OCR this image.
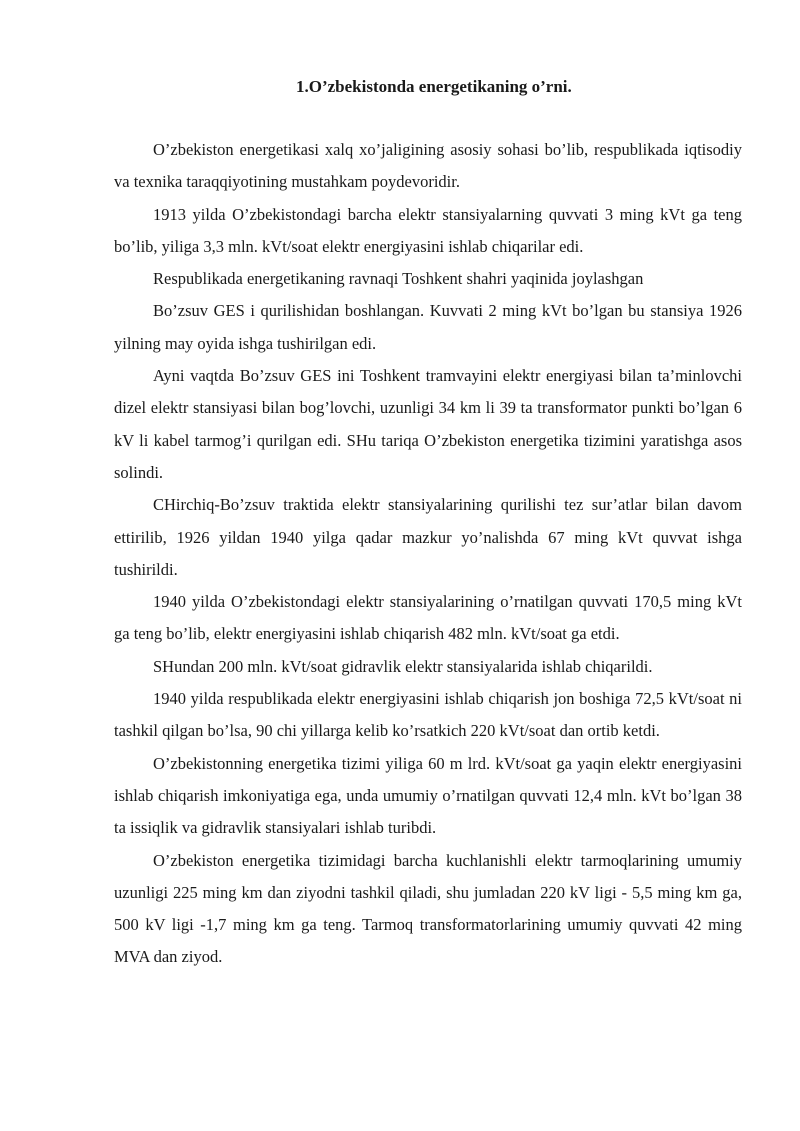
1.O’zbekistonda energetikaning o’rni.

O’zbekiston energetikasi xalq xo’jaligining asosiy sohasi bo’lib, respublikada iqtisodiy va texnika taraqqiyotining mustahkam poydevoridir.

1913 yilda O’zbekistondagi barcha elektr stansiyalarning quvvati 3 ming kVt ga teng bo’lib, yiliga 3,3 mln. kVt/soat elektr energiyasini ishlab chiqarilar edi.

Respublikada energetikaning ravnaqi Toshkent shahri yaqinida joylashgan

Bo’zsuv GES i qurilishidan boshlangan. Kuvvati 2 ming kVt bo’lgan bu stansiya 1926 yilning may oyida ishga tushirilgan edi.

Ayni vaqtda Bo’zsuv GES ini Toshkent tramvayini elektr energiyasi bilan ta’minlovchi dizel elektr stansiyasi bilan bog’lovchi, uzunligi 34 km li 39 ta transformator punkti bo’lgan 6 kV li kabel tarmog’i qurilgan edi. SHu tariqa O’zbekiston energetika tizimini yaratishga asos solindi.

CHirchiq-Bo’zsuv traktida elektr stansiyalarining qurilishi tez sur’atlar bilan davom ettirilib, 1926 yildan 1940 yilga qadar mazkur yo’nalishda 67 ming kVt quvvat ishga tushirildi.

1940 yilda O’zbekistondagi elektr stansiyalarining o’rnatilgan quvvati 170,5 ming kVt ga teng bo’lib, elektr energiyasini ishlab chiqarish 482 mln. kVt/soat ga etdi.

SHundan 200 mln. kVt/soat gidravlik elektr stansiyalarida ishlab chiqarildi.

1940 yilda respublikada elektr energiyasini ishlab chiqarish jon boshiga 72,5 kVt/soat ni tashkil qilgan bo’lsa, 90 chi yillarga kelib ko’rsatkich 220 kVt/soat dan ortib ketdi.

O’zbekistonning energetika tizimi yiliga 60 m lrd. kVt/soat ga yaqin elektr energiyasini ishlab chiqarish imkoniyatiga ega, unda umumiy o’rnatilgan quvvati 12,4 mln. kVt bo’lgan 38 ta issiqlik va gidravlik stansiyalari ishlab turibdi.

O’zbekiston energetika tizimidagi barcha kuchlanishli elektr tarmoqlarining umumiy uzunligi 225 ming km dan ziyodni tashkil qiladi, shu jumladan 220 kV ligi - 5,5 ming km ga, 500 kV ligi -1,7 ming km ga teng. Tarmoq transformatorlarining umumiy quvvati 42 ming MVA dan ziyod.
